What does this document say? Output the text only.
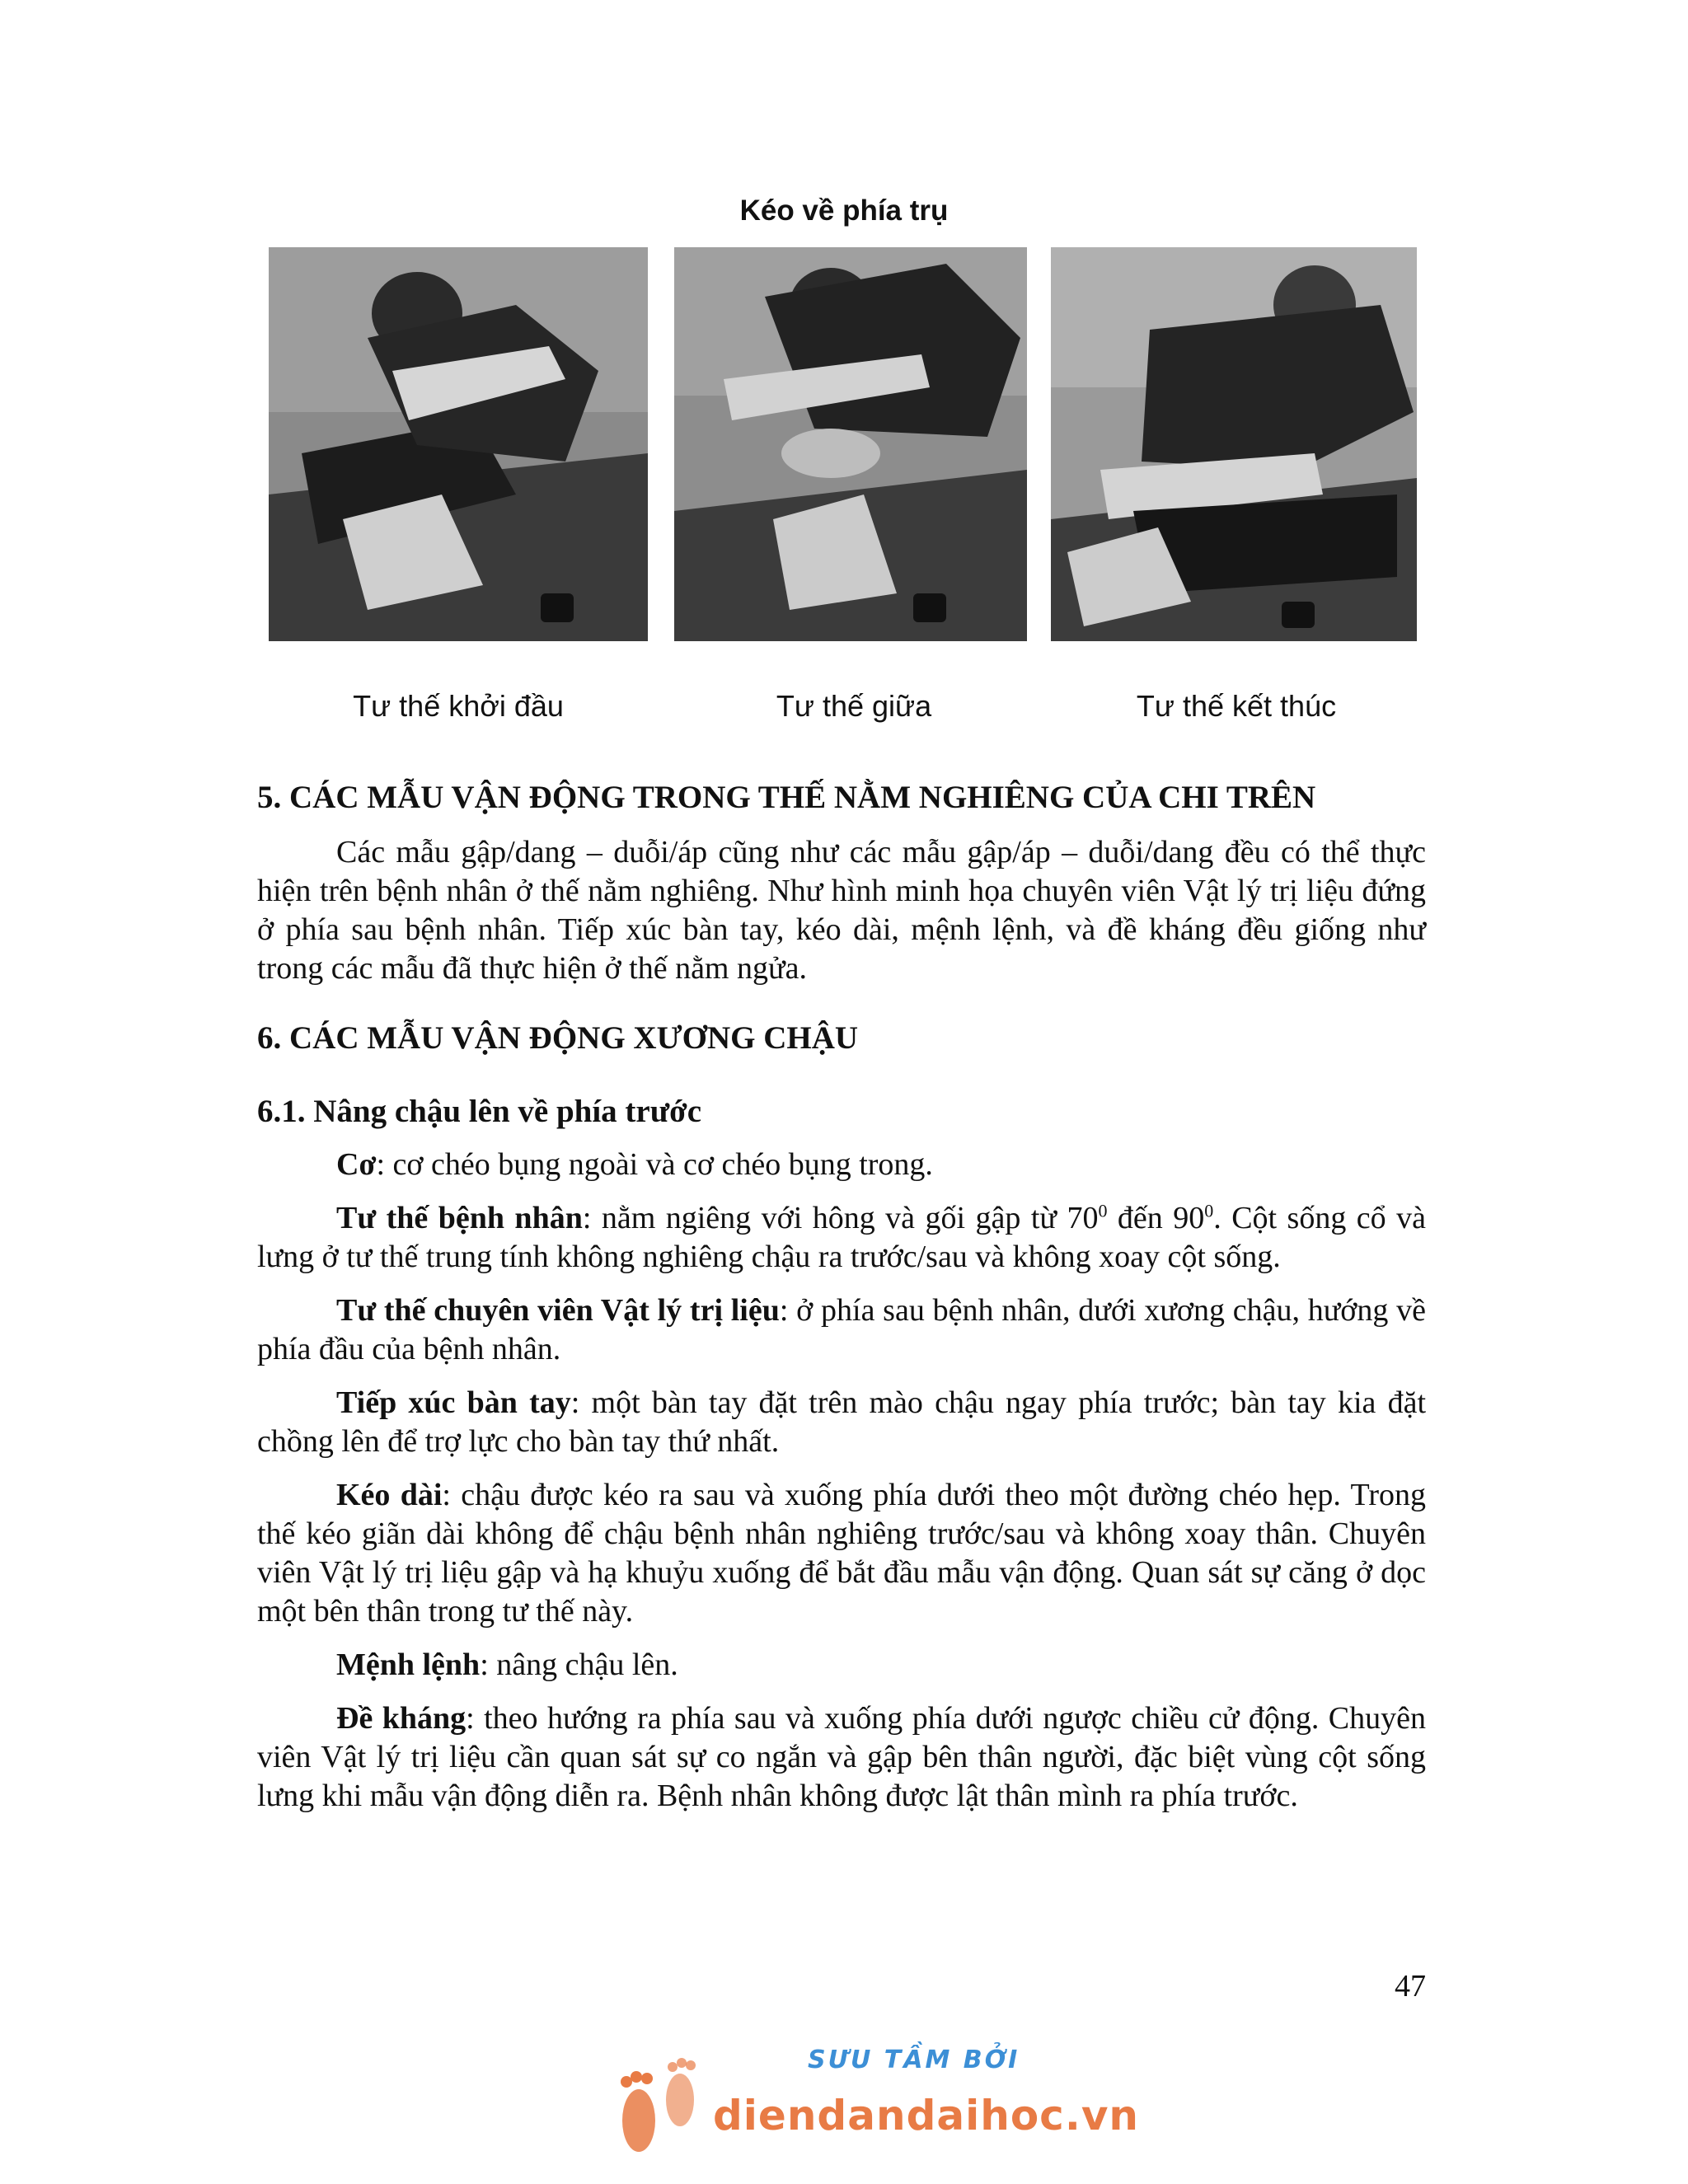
Kéo về phía trụ
Tư thế khởi đầu	Tư thế giữa	Tư thế kết thúc
5. CÁC MẪU VẬN ĐỘNG TRONG THẾ NẰM NGHIÊNG CỦA CHI TRÊN

Các mẫu gập/dang – duỗi/áp cũng như các mẫu gập/áp – duỗi/dang đều có thể thực hiện trên bệnh nhân ở thế nằm nghiêng. Như hình minh họa chuyên viên Vật lý trị liệu đứng ở phía sau bệnh nhân. Tiếp xúc bàn tay, kéo dài, mệnh lệnh, và đề kháng đều giống như trong các mẫu đã thực hiện ở thế nằm ngửa.

6. CÁC MẪU VẬN ĐỘNG XƯƠNG CHẬU
6.1. Nâng chậu lên về phía trước

Cơ: cơ chéo bụng ngoài và cơ chéo bụng trong.

Tư thế bệnh nhân: nằm ngiêng với hông và gối gập từ $70^0$ đến $90^0$. Cột sống cổ và lưng ở tư thế trung tính không nghiêng chậu ra trước/sau và không xoay cột sống.

Tư thế chuyên viên Vật lý trị liệu: ở phía sau bệnh nhân, dưới xương chậu, hướng về phía đầu của bệnh nhân.

Tiếp xúc bàn tay: một bàn tay đặt trên mào chậu ngay phía trước; bàn tay kia đặt chồng lên để trợ lực cho bàn tay thứ nhất.

Kéo dài: chậu được kéo ra sau và xuống phía dưới theo một đường chéo hẹp. Trong thế kéo giãn dài không để chậu bệnh nhân nghiêng trước/sau và không xoay thân. Chuyên viên Vật lý trị liệu gập và hạ khuỷu xuống để bắt đầu mẫu vận động. Quan sát sự căng ở dọc một bên thân trong tư thế này.

Mệnh lệnh: nâng chậu lên.

Đề kháng: theo hướng ra phía sau và xuống phía dưới ngược chiều cử động. Chuyên viên Vật lý trị liệu cần quan sát sự co ngắn và gập bên thân người, đặc biệt vùng cột sống lưng khi mẫu vận động diễn ra. Bệnh nhân không được lật thân mình ra phía trước.

47
SƯU TẦM BỞI
diendandaihoc.vn
